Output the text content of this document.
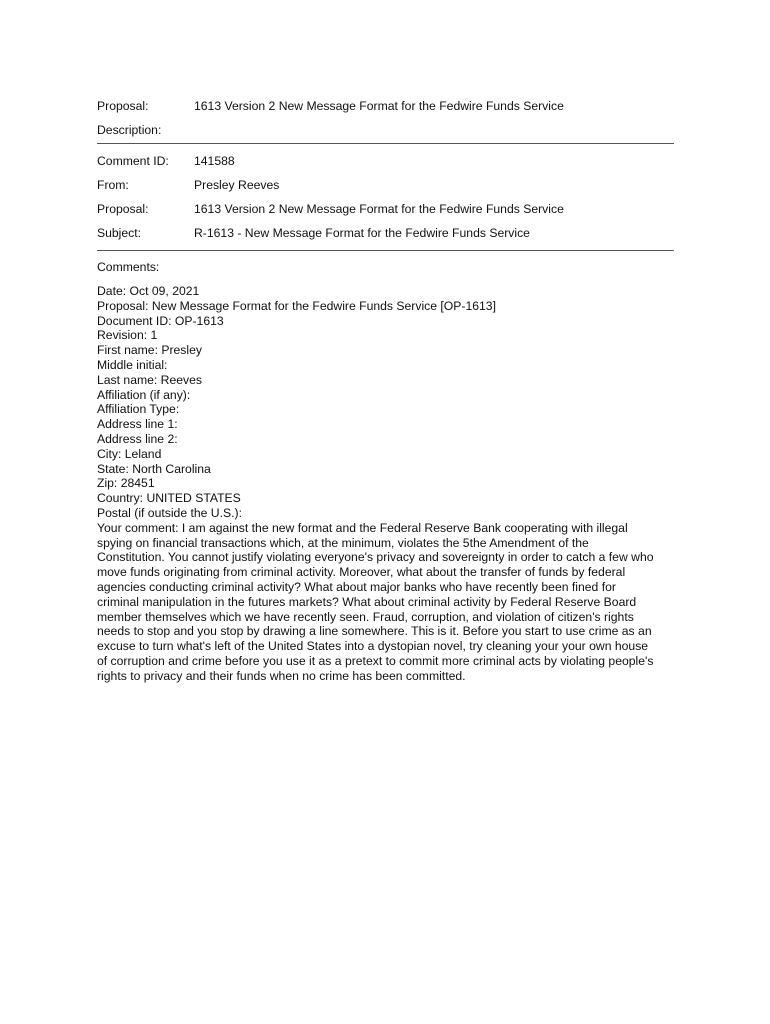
Proposal:	1613 Version 2 New Message Format for the Fedwire Funds Service
Description:
Comment ID:	141588
From:	Presley Reeves
Proposal:	1613 Version 2 New Message Format for the Fedwire Funds Service
Subject:	R-1613 - New Message Format for the Fedwire Funds Service
Comments:
Date: Oct 09, 2021
Proposal: New Message Format for the Fedwire Funds Service [OP-1613]
Document ID: OP-1613
Revision: 1
First name: Presley
Middle initial:
Last name: Reeves
Affiliation (if any):
Affiliation Type:
Address line 1:
Address line 2:
City: Leland
State: North Carolina
Zip: 28451
Country: UNITED STATES
Postal (if outside the U.S.):
Your comment: I am against the new format and the Federal Reserve Bank cooperating with illegal
spying on financial transactions which, at the minimum, violates the 5the Amendment of the
Constitution. You cannot justify violating everyone's privacy and sovereignty in order to catch a few who
move funds originating from criminal activity. Moreover, what about the transfer of funds by federal
agencies conducting criminal activity? What about major banks who have recently been fined for
criminal manipulation in the futures markets? What about criminal activity by Federal Reserve Board
member themselves which we have recently seen. Fraud, corruption, and violation of citizen's rights
needs to stop and you stop by drawing a line somewhere. This is it. Before you start to use crime as an
excuse to turn what's left of the United States into a dystopian novel, try cleaning your your own house
of corruption and crime before you use it as a pretext to commit more criminal acts by violating people's
rights to privacy and their funds when no crime has been committed.
